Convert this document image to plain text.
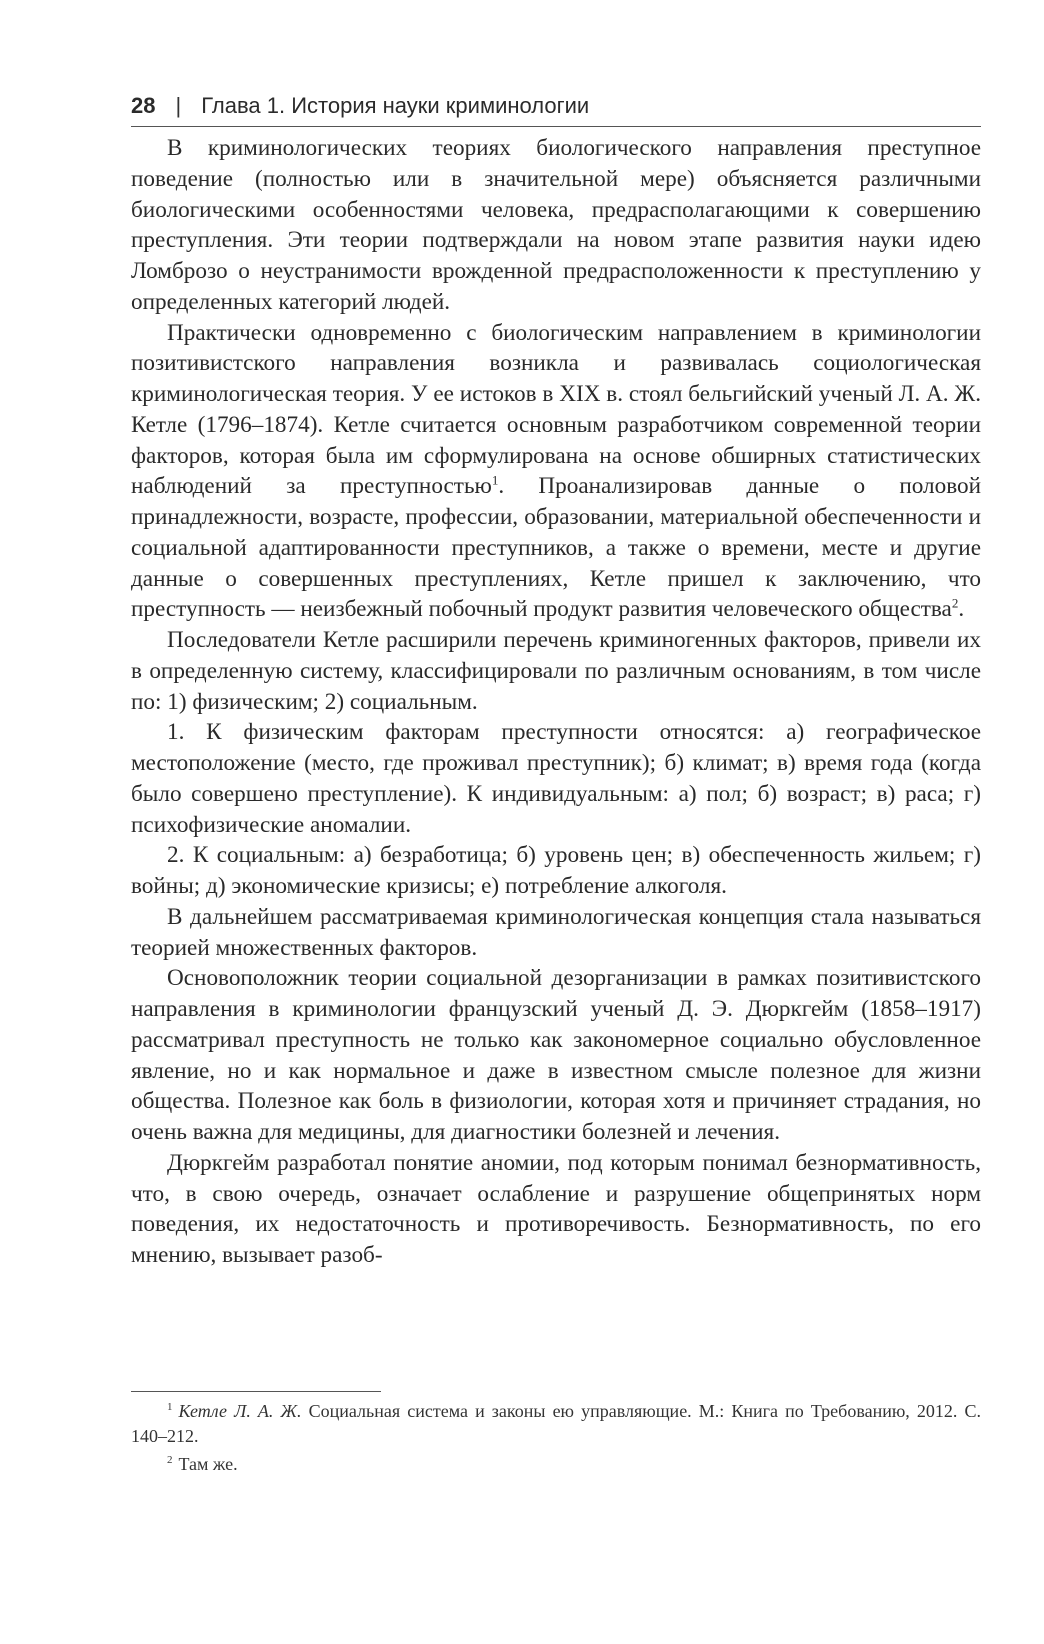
28 | Глава 1. История науки криминологии

В криминологических теориях биологического направления преступное поведение (полностью или в значительной мере) объясняется различными биологическими особенностями человека, предрасполагающими к совершению преступления. Эти теории подтверждали на новом этапе развития науки идею Ломброзо о неустранимости врожденной предрасположенности к преступлению у определенных категорий людей.

Практически одновременно с биологическим направлением в криминологии позитивистского направления возникла и развивалась социологическая криминологическая теория. У ее истоков в XIX в. стоял бельгийский ученый Л. А. Ж. Кетле (1796–1874). Кетле считается основным разработчиком современной теории факторов, которая была им сформулирована на основе обширных статистических наблюдений за преступностью$^1$. Проанализировав данные о половой принадлежности, возрасте, профессии, образовании, материальной обеспеченности и социальной адаптированности преступников, а также о времени, месте и другие данные о совершенных преступлениях, Кетле пришел к заключению, что преступность — неизбежный побочный продукт развития человеческого общества$^2$.

Последователи Кетле расширили перечень криминогенных факторов, привели их в определенную систему, классифицировали по различным основаниям, в том числе по: 1) физическим; 2) социальным.

1. К физическим факторам преступности относятся: а) географическое местоположение (место, где проживал преступник); б) климат; в) время года (когда было совершено преступление). К индивидуальным: а) пол; б) возраст; в) раса; г) психофизические аномалии.

2. К социальным: а) безработица; б) уровень цен; в) обеспеченность жильем; г) войны; д) экономические кризисы; е) потребление алкоголя.

В дальнейшем рассматриваемая криминологическая концепция стала называться теорией множественных факторов.

Основоположник теории социальной дезорганизации в рамках позитивистского направления в криминологии французский ученый Д. Э. Дюркгейм (1858–1917) рассматривал преступность не только как закономерное социально обусловленное явление, но и как нормальное и даже в известном смысле полезное для жизни общества. Полезное как боль в физиологии, которая хотя и причиняет страдания, но очень важна для медицины, для диагностики болезней и лечения.

Дюркгейм разработал понятие аномии, под которым понимал безнормативность, что, в свою очередь, означает ослабление и разрушение общепринятых норм поведения, их недостаточность и противоречивость. Безнормативность, по его мнению, вызывает разоб-

$^1$ Кетле Л. А. Ж. Социальная система и законы ею управляющие. М.: Книга по Требованию, 2012. С. 140–212.

$^2$ Там же.
